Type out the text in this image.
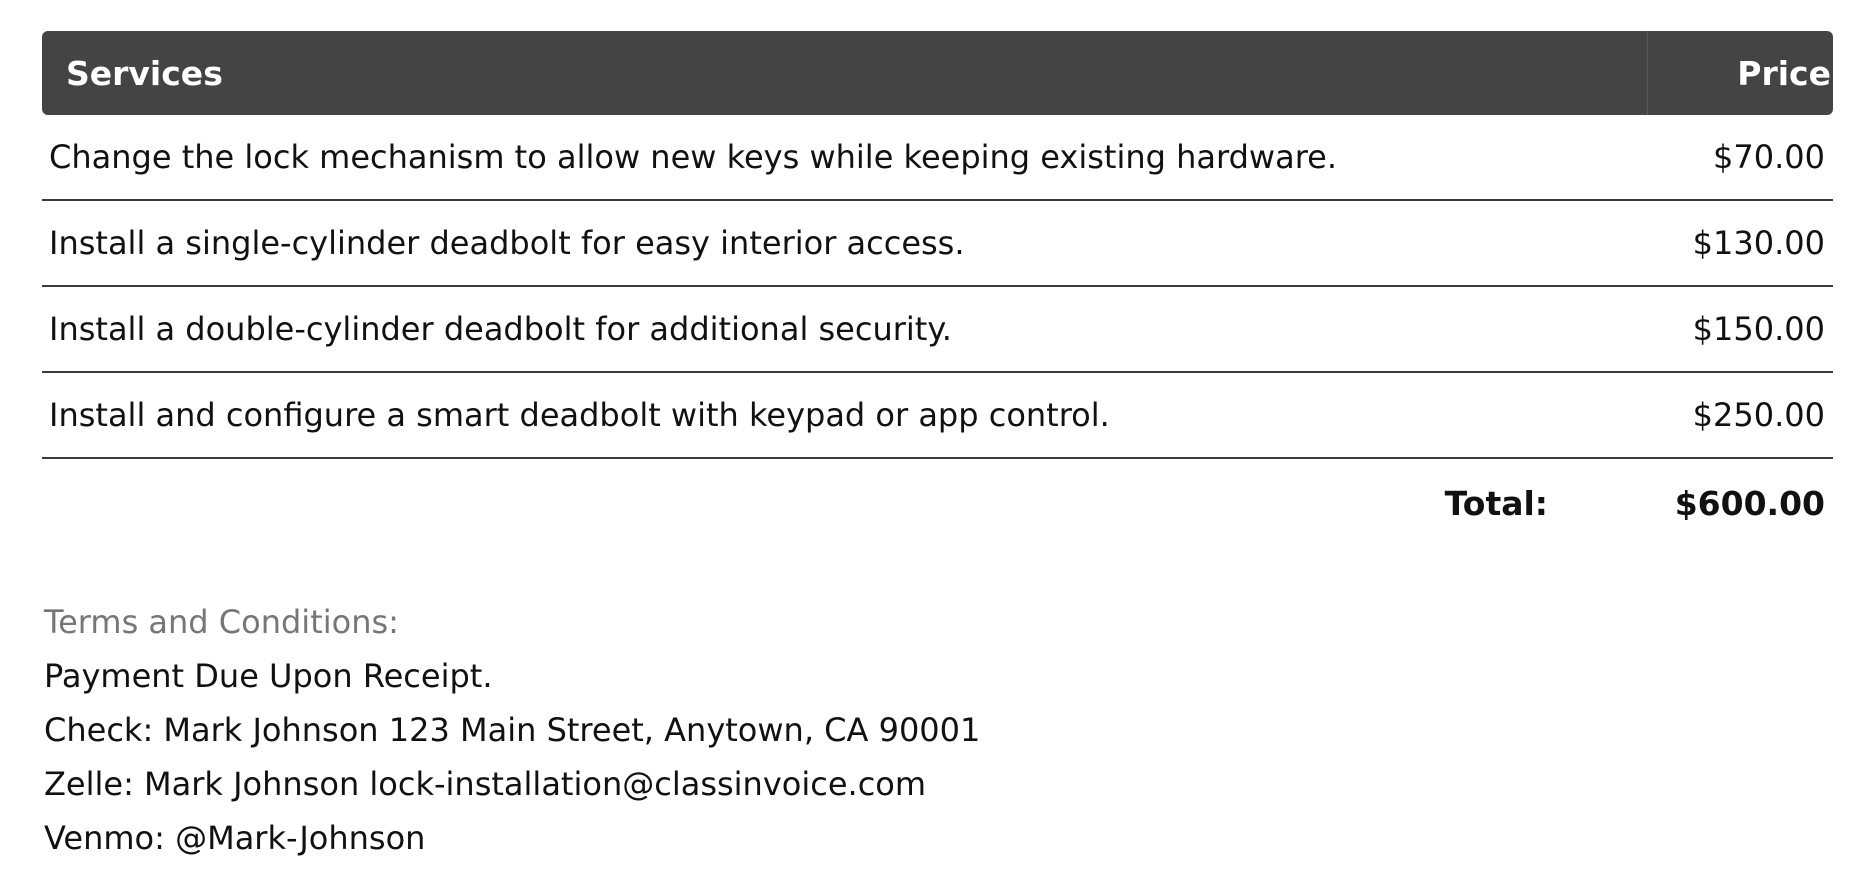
Services	Price
Change the lock mechanism to allow new keys while keeping existing hardware.	$70.00
Install a single-cylinder deadbolt for easy interior access.	$130.00
Install a double-cylinder deadbolt for additional security.	$150.00
Install and configure a smart deadbolt with keypad or app control.	$250.00
Total:	$600.00
Terms and Conditions:
Payment Due Upon Receipt.
Check: Mark Johnson 123 Main Street, Anytown, CA 90001
Zelle: Mark Johnson lock-installation@classinvoice.com
Venmo: @Mark-Johnson
